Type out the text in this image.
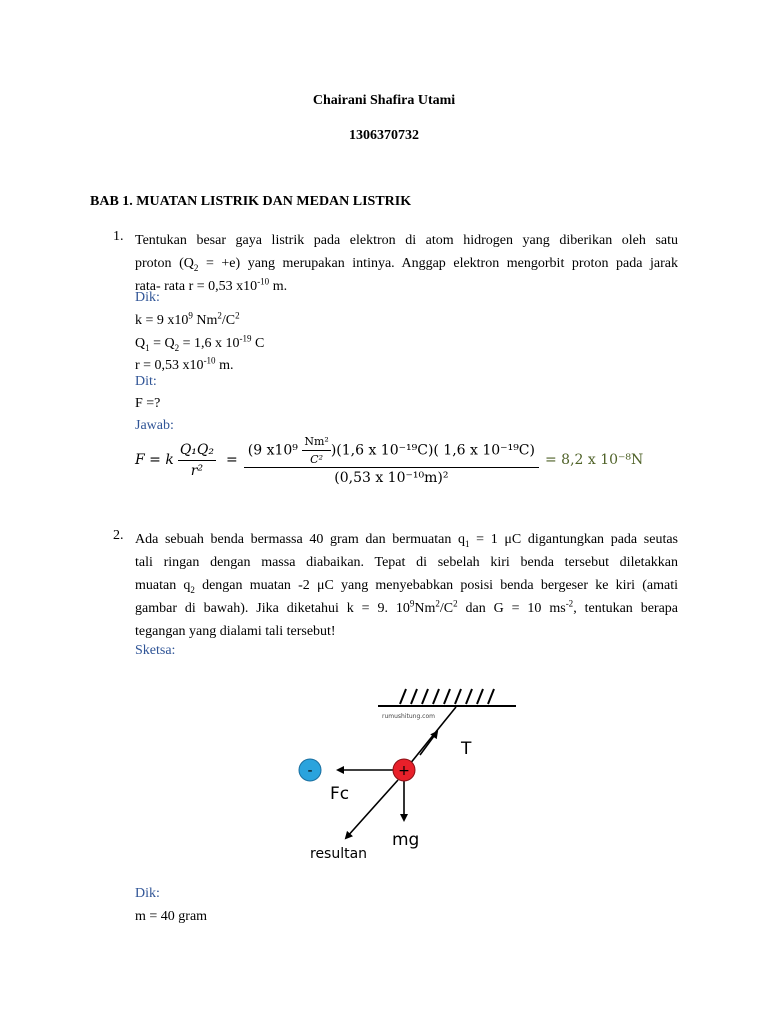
Chairani Shafira Utami
1306370732
BAB 1. MUATAN LISTRIK DAN MEDAN LISTRIK
1. Tentukan besar gaya listrik pada elektron di atom hidrogen yang diberikan oleh satu
proton $(Q_2 = +e)$ yang merupakan intinya. Anggap elektron mengorbit proton pada jarak
rata- rata r = 0,53 $x10^{-10}$ m.
Dik:
k = 9 $x10^9$ $Nm^2/C^2$
$Q_1 = Q_2 = 1,6$ x $10^{-19}$ C
r = 0,53 $x10^{-10}$ m.
Dit:
F =?
Jawab:
F = k $\frac{\text{Q₁Q₂}}{\text{r²}} = \frac{(9 x10^9 \frac{\text{Nm²}}{\text{C²}} )(1,6 x 10^{-19}C)( 1,6 x 10^{-19}C)}{\text{(0,53 x 10⁻¹⁰m)²}} = 8,2$ x 10⁻⁸N
2. Ada sebuah benda bermassa 40 gram dan bermuatan $q_1 = 1$ μC digantungkan pada seutas
tali ringan dengan massa diabaikan. Tepat di sebelah kiri benda tersebut diletakkan
muatan $q_2$ dengan muatan -2 μC yang menyebabkan posisi benda bergeser ke kiri (amati
gambar di bawah). Jika diketahui k = 9. $10^9Nm^2/C^2$ dan G = 10 $ms^{-2}$, tentukan berapa
tegangan yang dialami tali tersebut!
Sketsa:
rumushitung.com
T
Fc
mg
resultan
-	+
Dik:
m = 40 gram
